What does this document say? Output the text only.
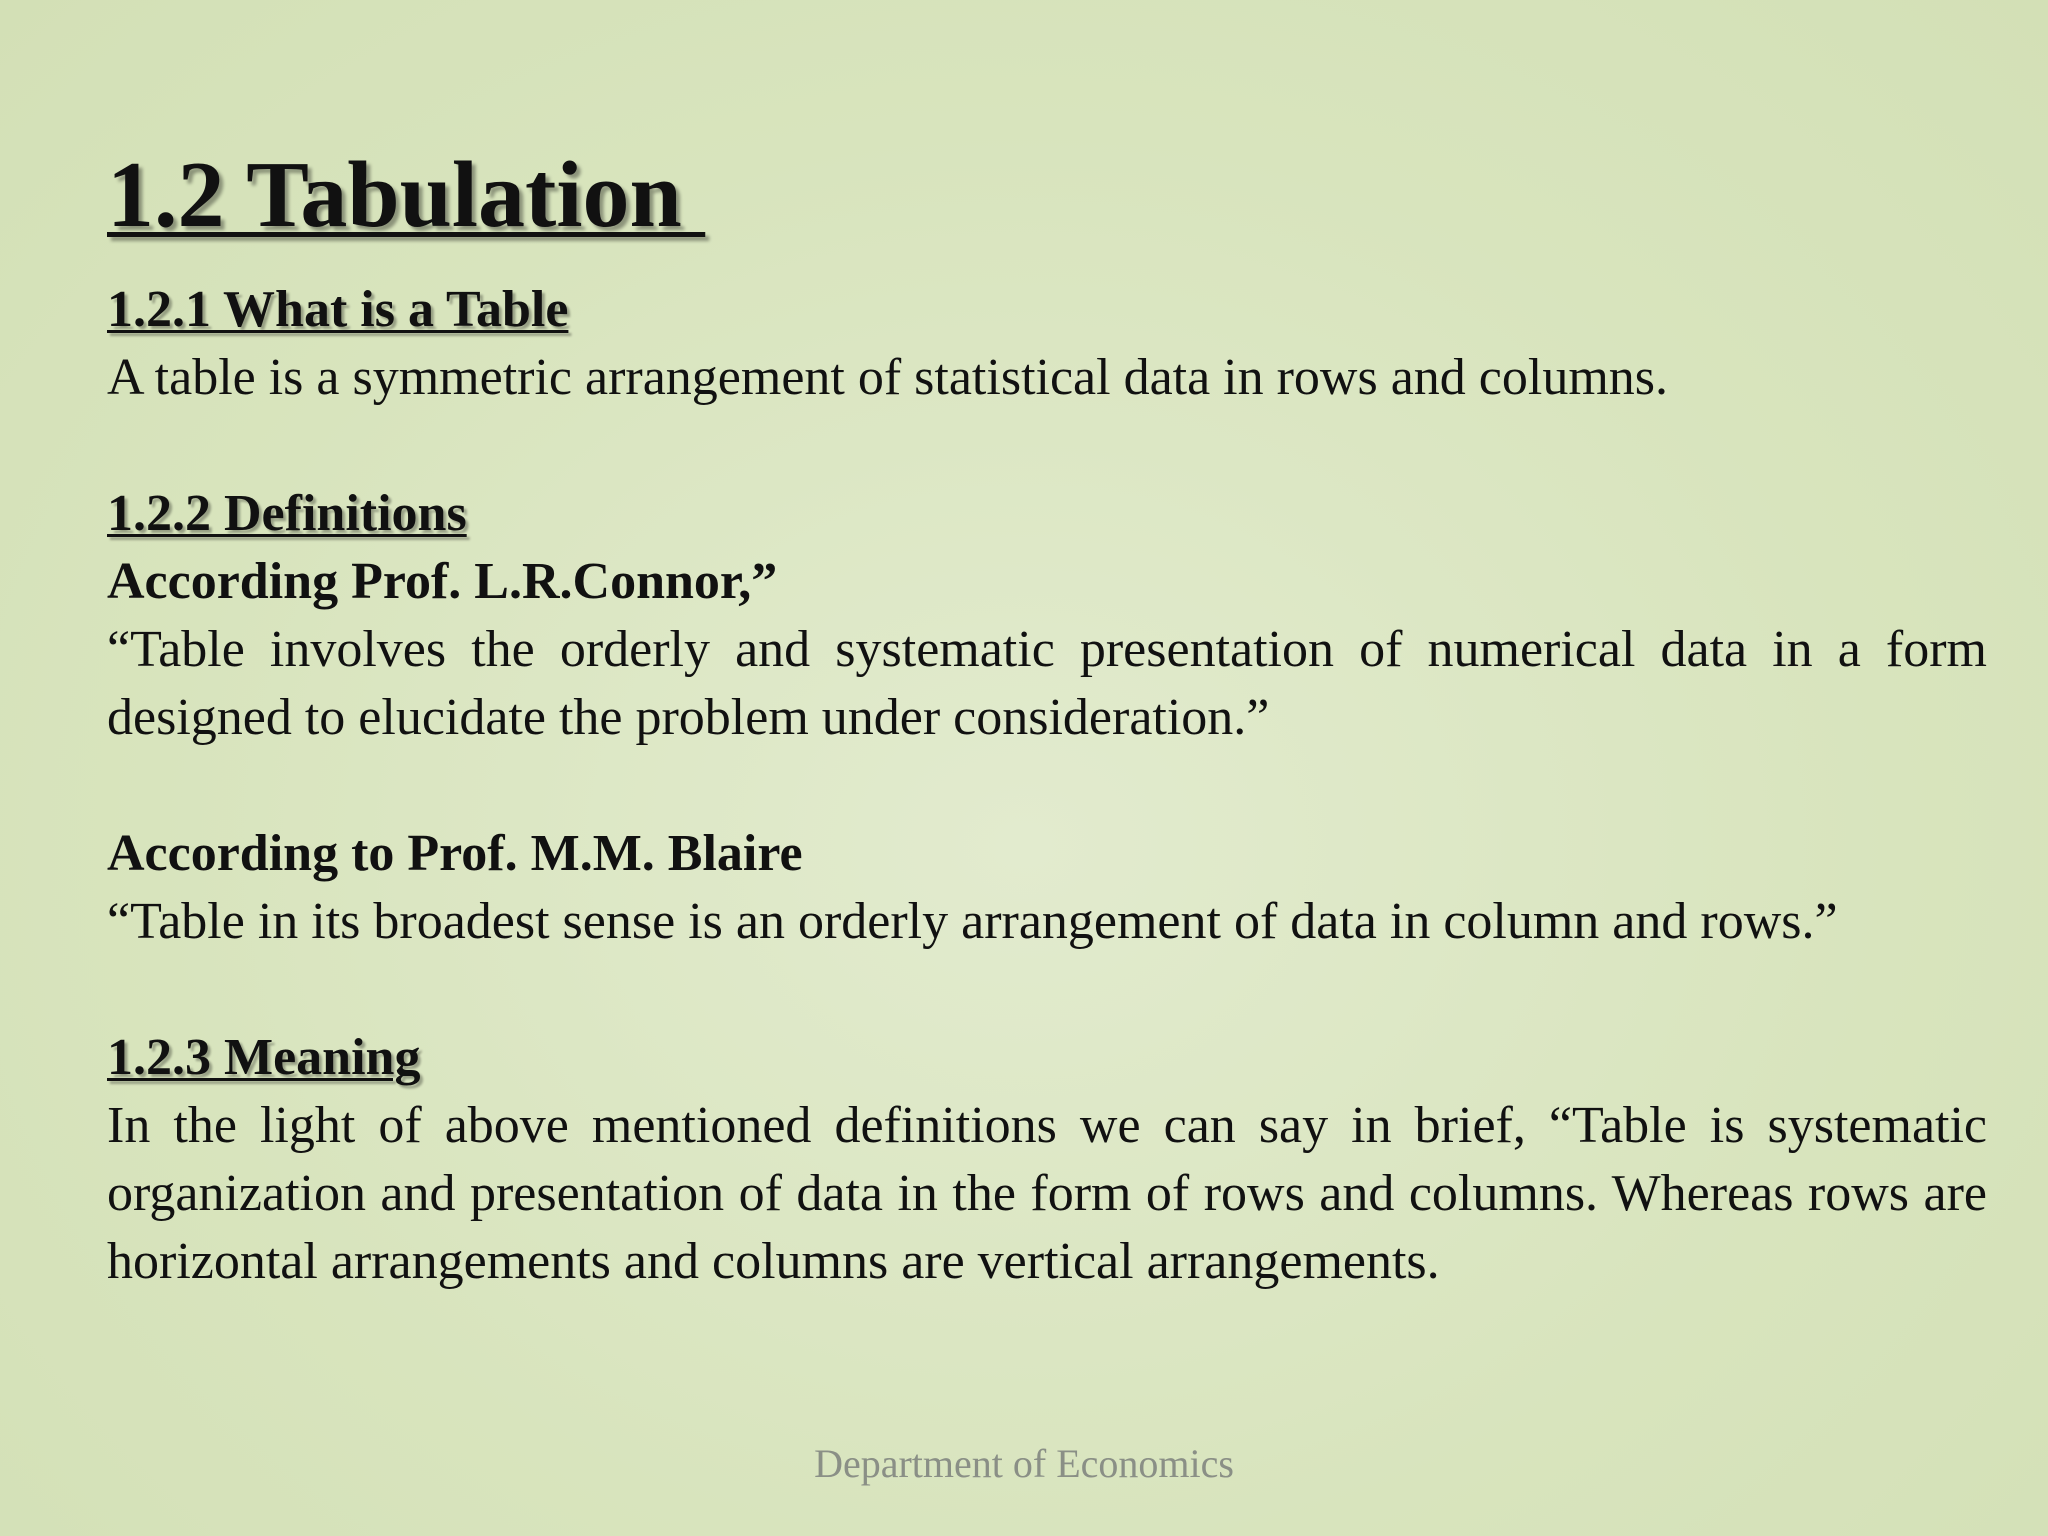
1.2 Tabulation
1.2.1 What is a Table

A table is a symmetric arrangement of statistical data in rows and columns.

1.2.2 Definitions

According Prof. L.R.Connor,”

“Table involves the orderly and systematic presentation of numerical data in a form designed to elucidate the problem under consideration.”

According to Prof. M.M. Blaire

“Table in its broadest sense is an orderly arrangement of data in column and rows.”

1.2.3 Meaning

In the light of above mentioned definitions we can say in brief, “Table is systematic organization and presentation of data in the form of rows and columns. Whereas rows are horizontal arrangements and columns are vertical arrangements.

Department of Economics
